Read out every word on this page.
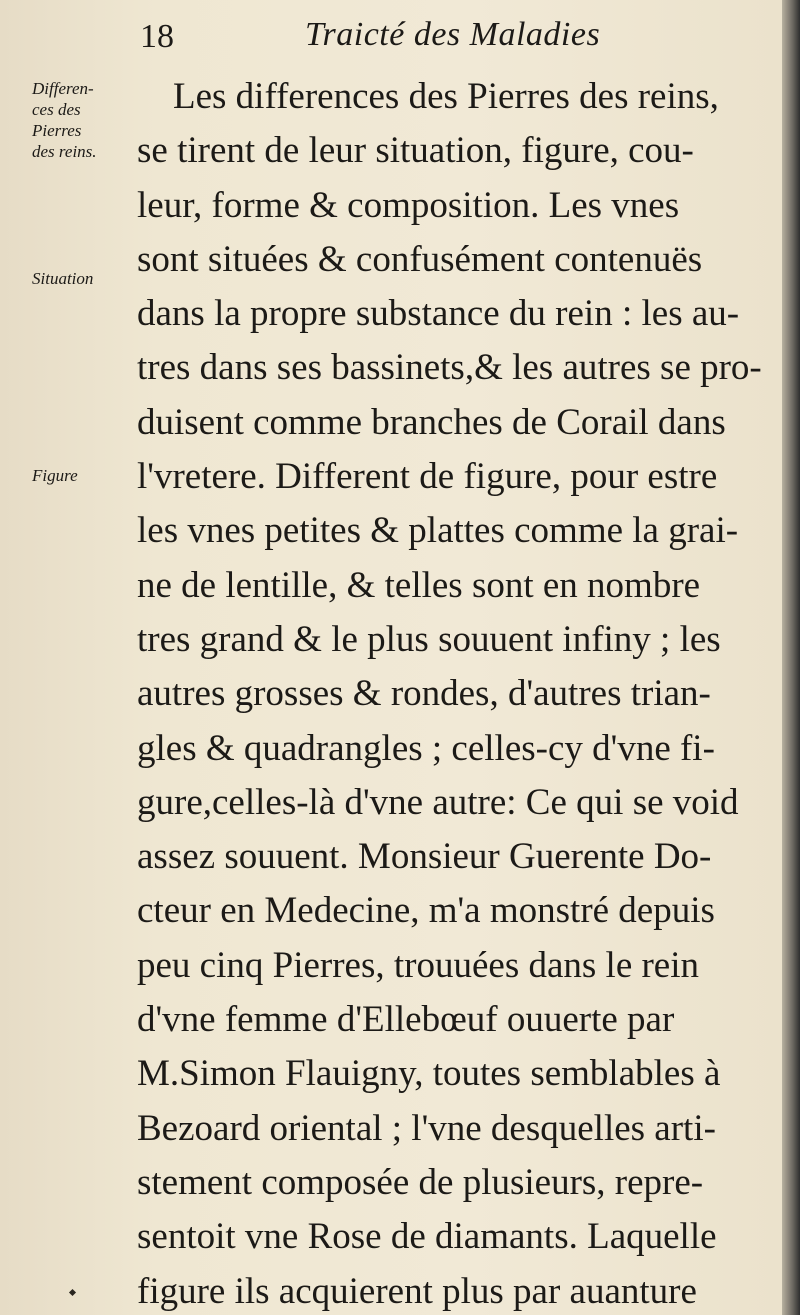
18	Traicté des Maladies
Differen-
ces des
Pierres
des reins.
Situation
Figure
Les differences des Pierres des reins,
se tirent de leur situation, figure, cou-
leur, forme & composition. Les vnes
sont situées & confusément contenuës
dans la propre substance du rein : les au-
tres dans ses bassinets,& les autres se pro-
duisent comme branches de Corail dans
l'vretere. Different de figure, pour estre
les vnes petites & plattes comme la grai-
ne de lentille, & telles sont en nombre
tres grand & le plus souuent infiny ; les
autres grosses & rondes, d'autres trian-
gles & quadrangles ; celles-cy d'vne fi-
gure,celles-là d'vne autre: Ce qui se void
assez souuent. Monsieur Guerente Do-
cteur en Medecine, m'a monstré depuis
peu cinq Pierres, trouuées dans le rein
d'vne femme d'Ellebœuf ouuerte par
M.Simon Flauigny, toutes semblables à
Bezoard oriental ; l'vne desquelles arti-
stement composée de plusieurs, repre-
sentoit vne Rose de diamants. Laquelle
figure ils acquierent plus par auanture
